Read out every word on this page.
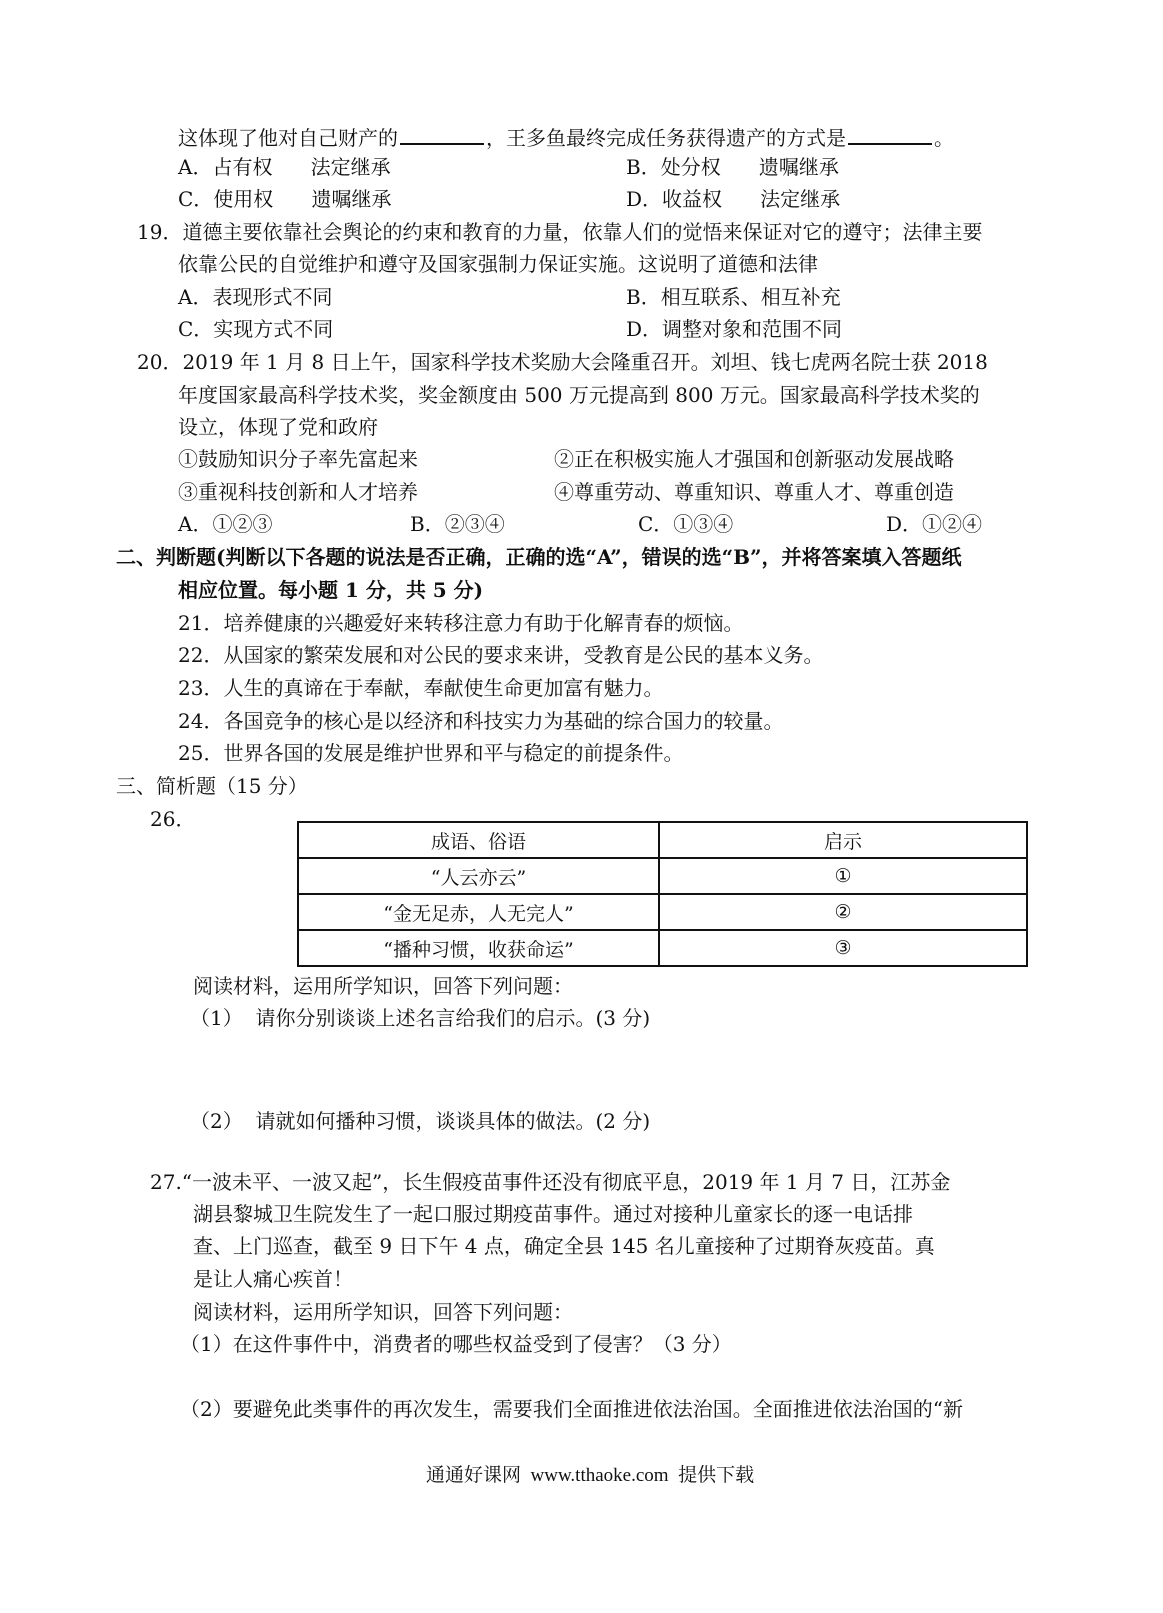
这体现了他对自己财产的	，王多鱼最终完成任务获得遗产的方式是	。
A．占有权      法定继承	B．处分权      遗嘱继承
C．使用权      遗嘱继承	D．收益权      法定继承
19．道德主要依靠社会舆论的约束和教育的力量，依靠人们的觉悟来保证对它的遵守；法律主要
依靠公民的自觉维护和遵守及国家强制力保证实施。这说明了道德和法律
A．表现形式不同	B．相互联系、相互补充
C．实现方式不同	D．调整对象和范围不同
20．2019 年 1 月 8 日上午，国家科学技术奖励大会隆重召开。刘坦、钱七虎两名院士获 2018
年度国家最高科学技术奖，奖金额度由 500 万元提高到 800 万元。国家最高科学技术奖的
设立，体现了党和政府
①鼓励知识分子率先富起来	②正在积极实施人才强国和创新驱动发展战略
③重视科技创新和人才培养	④尊重劳动、尊重知识、尊重人才、尊重创造
A．①②③	B．②③④	C．①③④	D．①②④
二、判断题(判断以下各题的说法是否正确，正确的选“A”，错误的选“B”，并将答案填入答题纸
相应位置。每小题 1 分，共 5 分)
21．培养健康的兴趣爱好来转移注意力有助于化解青春的烦恼。
22．从国家的繁荣发展和对公民的要求来讲，受教育是公民的基本义务。
23．人生的真谛在于奉献，奉献使生命更加富有魅力。
24．各国竞争的核心是以经济和科技实力为基础的综合国力的较量。
25．世界各国的发展是维护世界和平与稳定的前提条件。
三、简析题（15 分）
26．
成语、俗语	启示
“人云亦云”	①
“金无足赤，人无完人”	②
“播种习惯，收获命运”	③
阅读材料，运用所学知识，回答下列问题：
（1）  请你分别谈谈上述名言给我们的启示。(3 分)
（2）  请就如何播种习惯，谈谈具体的做法。(2 分)
27.“一波未平、一波又起”，长生假疫苗事件还没有彻底平息，2019 年 1 月 7 日，江苏金
湖县黎城卫生院发生了一起口服过期疫苗事件。通过对接种儿童家长的逐一电话排
查、上门巡查，截至 9 日下午 4 点，确定全县 145 名儿童接种了过期脊灰疫苗。真
是让人痛心疾首！
阅读材料，运用所学知识，回答下列问题：
（1）在这件事件中，消费者的哪些权益受到了侵害？（3 分）
（2）要避免此类事件的再次发生，需要我们全面推进依法治国。全面推进依法治国的“新
通通好课网  www.tthaoke.com  提供下载
